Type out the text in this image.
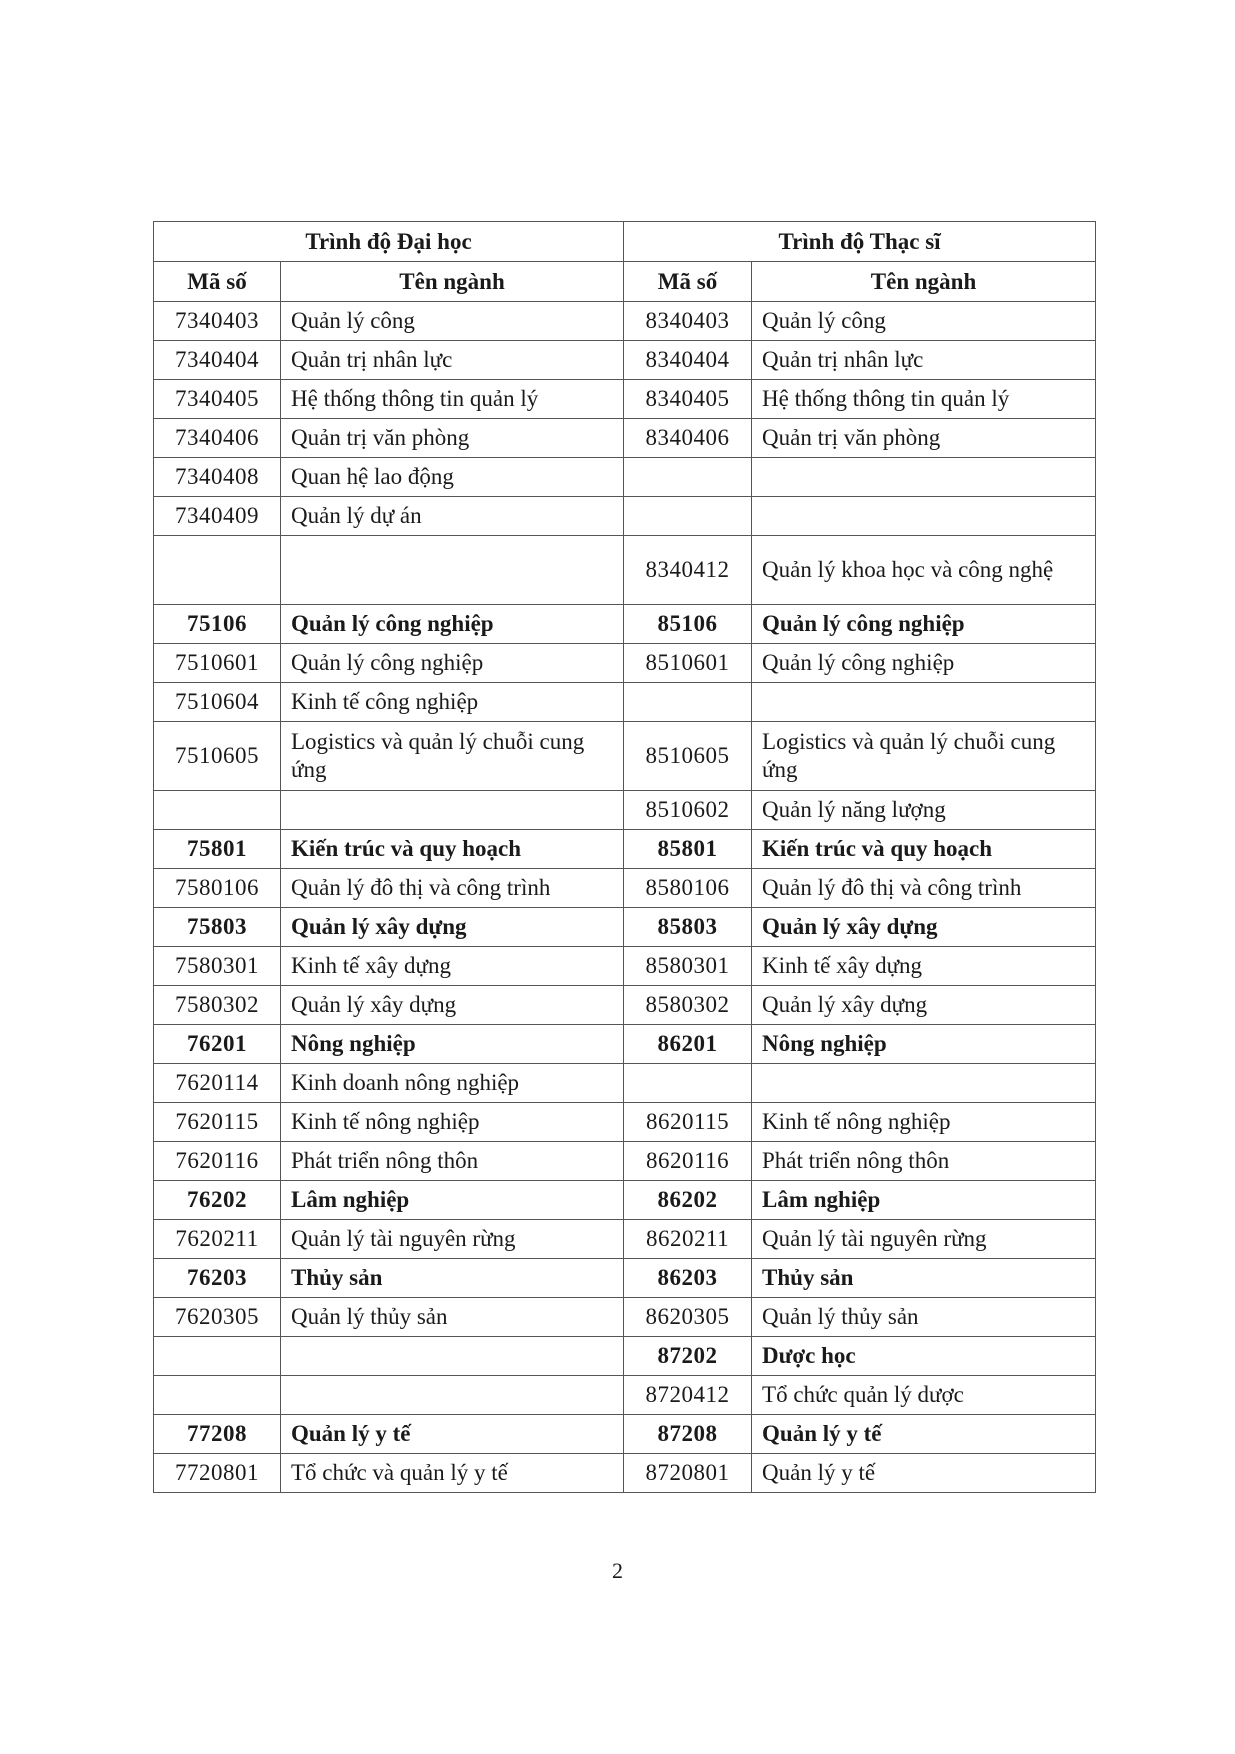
Trình độ Đại học		Trình độ Thạc sĩ	
Mã số	Tên ngành	Mã số	Tên ngành
7340403	Quản lý công	8340403	Quản lý công
7340404	Quản trị nhân lực	8340404	Quản trị nhân lực
7340405	Hệ thống thông tin quản lý	8340405	Hệ thống thông tin quản lý
7340406	Quản trị văn phòng	8340406	Quản trị văn phòng
7340408	Quan hệ lao động		
7340409	Quản lý dự án		
		8340412	Quản lý khoa học và công nghệ
75106	Quản lý công nghiệp	85106	Quản lý công nghiệp
7510601	Quản lý công nghiệp	8510601	Quản lý công nghiệp
7510604	Kinh tế công nghiệp		
7510605	Logistics và quản lý chuỗi cung ứng	8510605	Logistics và quản lý chuỗi cung ứng
		8510602	Quản lý năng lượng
75801	Kiến trúc và quy hoạch	85801	Kiến trúc và quy hoạch
7580106	Quản lý đô thị và công trình	8580106	Quản lý đô thị và công trình
75803	Quản lý xây dựng	85803	Quản lý xây dựng
7580301	Kinh tế xây dựng	8580301	Kinh tế xây dựng
7580302	Quản lý xây dựng	8580302	Quản lý xây dựng
76201	Nông nghiệp	86201	Nông nghiệp
7620114	Kinh doanh nông nghiệp		
7620115	Kinh tế nông nghiệp	8620115	Kinh tế nông nghiệp
7620116	Phát triển nông thôn	8620116	Phát triển nông thôn
76202	Lâm nghiệp	86202	Lâm nghiệp
7620211	Quản lý tài nguyên rừng	8620211	Quản lý tài nguyên rừng
76203	Thủy sản	86203	Thủy sản
7620305	Quản lý thủy sản	8620305	Quản lý thủy sản
		87202	Dược học
		8720412	Tổ chức quản lý dược
77208	Quản lý y tế	87208	Quản lý y tế
7720801	Tổ chức và quản lý y tế	8720801	Quản lý y tế
2
